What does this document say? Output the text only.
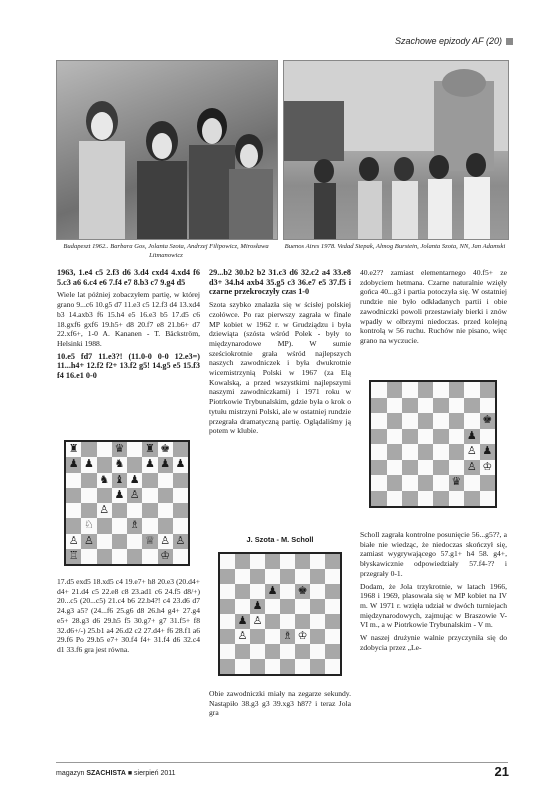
Szachowe epizody AF (20)
Budapeszt 1962.. Barbara Gos, Jolanta Szota, Andrzej Filipowicz, Mirosława Litmanowicz
Buenos Aires 1978. Vedad Stepak, Almog Burstein, Jolanta Szota, NN, Jan Adamski

1963, 1.e4 c5 2.f3 d6 3.d4 cxd4 4.xd4 f6 5.c3 a6 6.c4 e6 7.f4 e7 8.b3 c7 9.g4 d5

Wiele lat później zobaczyłem partię, w której grano 9...c6 10.g5 d7 11.e3 c5 12.f3 d4 13.xd4 b3 14.axb3 f6 15.h4 e5 16.e3 b5 17.d5 c6 18.gxf6 gxf6 19.h5+ d8 20.f7 e8 21.b6+ d7 22.xf6+, 1-0 A. Kananen - T. Bäckström, Helsinki 1988.

10.e5 fd7 11.e3?! (11.0-0 0-0 12.e3=) 11...h4+ 12.f2 f2+ 13.f2 g5! 14.g5 e5 15.f3 f4 16.e1 0-0

♜	♛ ♜ ♚
♟ ♟ ♞ ♟ ♟ ♟
♞ ♝ ♟
♟ ♙
♙
♘	♗
♙ ♙	♕ ♙ ♙
♖	♔

17.d5 exd5 18.xd5 c4 19.e7+ h8 20.e3 (20.d4+ d4+ 21.d4 c5 22.e8 c8 23.ad1 c6 24.f5 d8/+) 20...c5 (20...c5) 21.c4 b6 22.b4?! c4 23.d6 d7 24.g3 a5? (24...f6 25.g6 d8 26.h4 g4+ 27.g4 e5+ 28.g3 d6 29.h5 f5 30.g7+ g7 31.f5+ f8 32.d6+/-) 25.b1 a4 26.d2 c2 27.d4+ f6 28.f1 a6 29.f6 Po 29.b5 e7+ 30.f4 f4+ 31.f4 d6 32.c4 d1 33.f6 gra jest równa.

29...b2 30.b2 b2 31.c3 d6 32.c2 a4 33.e8 d3+ 34.h4 axb4 35.g5 c3 36.e7 e5 37.f5 i czarne przekroczyły czas 1-0

Szota szybko znalazła się w ścisłej polskiej czołówce. Po raz pierwszy zagrała w finale MP kobiet w 1962 r. w Grudziądzu i była dziewiąta (szósta wśród Polek - były to międzynarodowe MP). W sumie sześciokrotnie grała wśród najlepszych naszych zawodniczek i była dwukrotnie wicemistrzynią Polski w 1967 (za Elą Kowalską, a przed wszystkimi najlepszymi naszymi zawodniczkami) i 1971 roku w Piotrkowie Trybunalskim, gdzie była o krok o tytułu mistrzyni Polski, ale w ostatniej rundzie przegrała dramatyczną partię. Oglądaliśmy ją potem w klubie.

J. Szota - M. Scholl
♟ ♚
♟
♟ ♙
♙	♗ ♔

Obie zawodniczki miały na zegarze sekundy. Nastąpiło 38.g3 g3 39.xg3 h8?? i teraz Jola gra

40.e2?? zamiast elementarnego 40.f5+ ze zdobyciem hetmana. Czarne naturalnie wzięły gońca 40...g3 i partia potoczyła się. W ostatniej rundzie nie było odkładanych partii i obie zawodniczki powoli przestawiały bierki i znów wpadły w olbrzymi niedoczas. przed kolejną kontrolą w 56 ruchu. Ruchów nie pisano, więc grano na wyczucie.

♚
♟
♙ ♟
♙ ♔
♛

Scholl zagrała kontrolne posunięcie 56...g5??, a białe nie wiedząc, że niedoczas skończył się, zamiast wygrywającego 57.g1+ h4 58. g4+, błyskawicznie odpowiedziały 57.f4-?? i przegrały 0-1.

Dodam, że Jola trzykrotnie, w latach 1966, 1968 i 1969, plasowała się w MP kobiet na IV m. W 1971 r. wzięła udział w dwóch turniejach międzynarodowych, zajmując w Braszowie V-VI m., a w Piotrkowie Trybunalskim - V m.

W naszej drużynie walnie przyczyniła się do zdobycia przez „Le-

magazyn SZACHISTA ■ sierpień 2011	21
